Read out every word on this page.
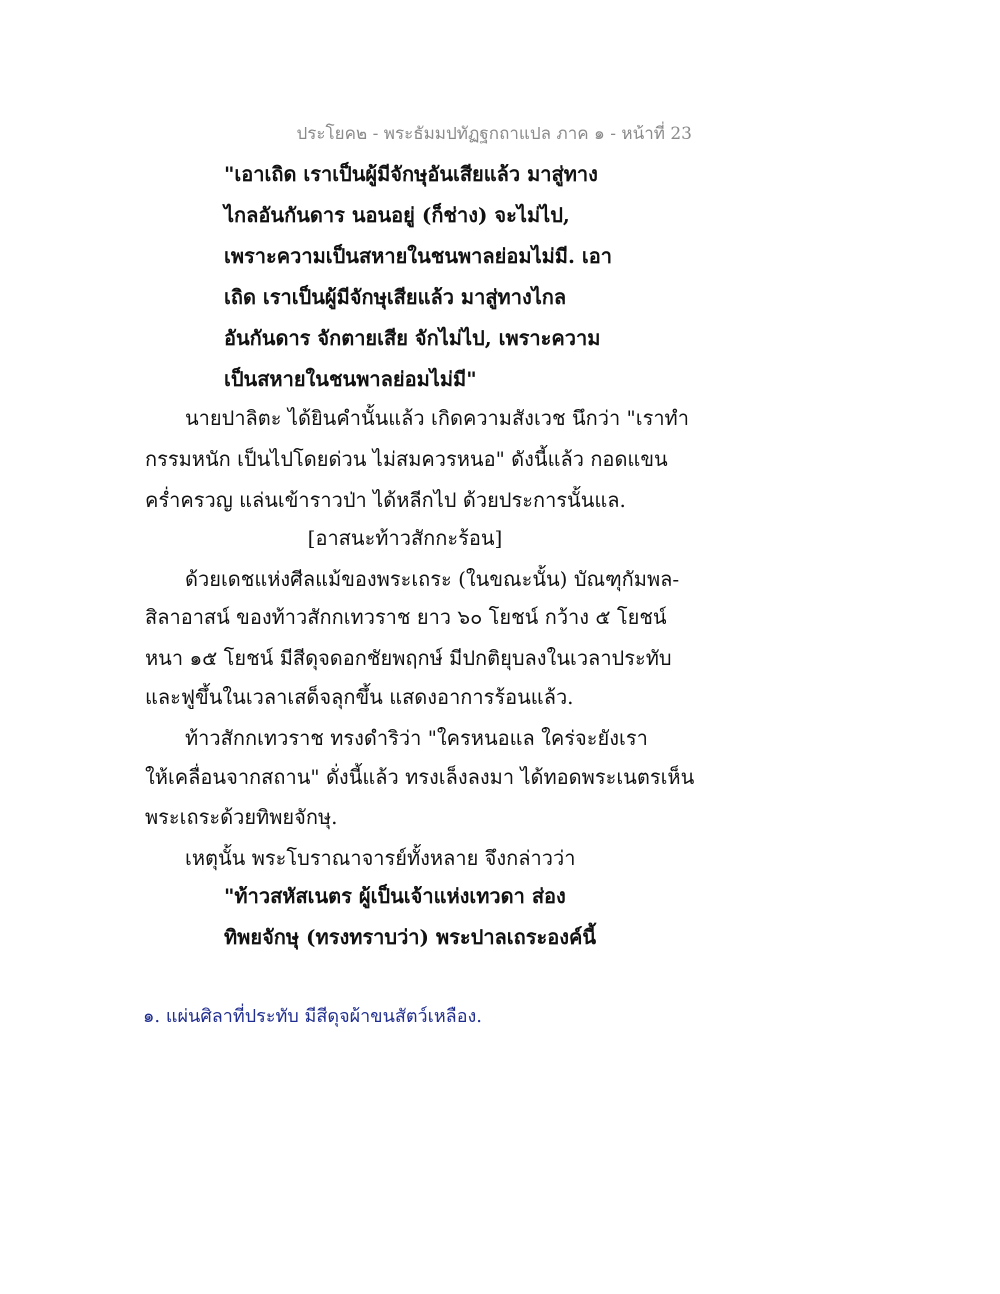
ประโยค๒ - พระธัมมปทัฏฐกถาแปล ภาค ๑ - หน้าที่ 23
"เอาเถิด เราเป็นผู้มีจักษุอันเสียแล้ว มาสู่ทาง
ไกลอันกันดาร นอนอยู่ (ก็ช่าง) จะไม่ไป,
เพราะความเป็นสหายในชนพาลย่อมไม่มี. เอา
เถิด เราเป็นผู้มีจักษุเสียแล้ว มาสู่ทางไกล
อันกันดาร จักตายเสีย จักไม่ไป, เพราะความ
เป็นสหายในชนพาลย่อมไม่มี"
นายปาลิตะ ได้ยินคำนั้นแล้ว เกิดความสังเวช นึกว่า "เราทำ
กรรมหนัก เป็นไปโดยด่วน ไม่สมควรหนอ" ดังนี้แล้ว กอดแขน
คร่ำครวญ แล่นเข้าราวป่า ได้หลีกไป ด้วยประการนั้นแล.
[อาสนะท้าวสักกะร้อน]
ด้วยเดชแห่งศีลแม้ของพระเถระ (ในขณะนั้น) บัณฑุกัมพล-
สิลาอาสน์ ของท้าวสักกเทวราช ยาว ๖๐ โยชน์ กว้าง ๕ โยชน์
หนา ๑๕ โยชน์ มีสีดุจดอกชัยพฤกษ์ มีปกติยุบลงในเวลาประทับ
และฟูขึ้นในเวลาเสด็จลุกขึ้น แสดงอาการร้อนแล้ว.
ท้าวสักกเทวราช ทรงดำริว่า "ใครหนอแล ใคร่จะยังเรา
ให้เคลื่อนจากสถาน" ดั่งนี้แล้ว ทรงเล็งลงมา ได้ทอดพระเนตรเห็น
พระเถระด้วยทิพยจักษุ.
เหตุนั้น พระโบราณาจารย์ทั้งหลาย จึงกล่าวว่า
"ท้าวสหัสเนตร ผู้เป็นเจ้าแห่งเทวดา ส่อง
ทิพยจักษุ (ทรงทราบว่า) พระปาลเถระองค์นี้
๑. แผ่นศิลาที่ประทับ มีสีดุจผ้าขนสัตว์เหลือง.
